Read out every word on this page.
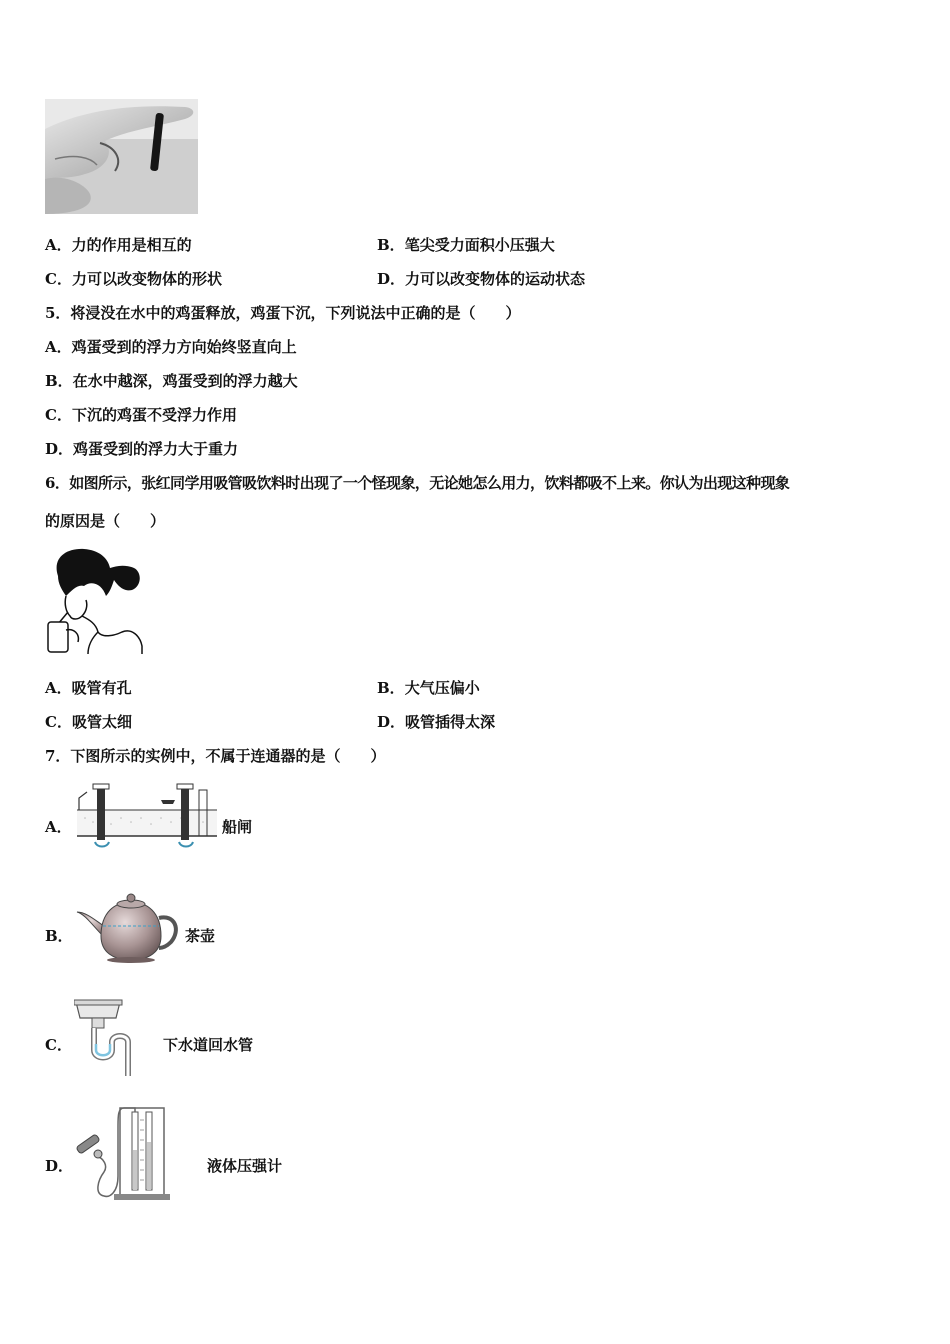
A．力的作用是相互的	B．笔尖受力面积小压强大
C．力可以改变物体的形状	D．力可以改变物体的运动状态
5．将浸没在水中的鸡蛋释放，鸡蛋下沉，下列说法中正确的是（　　）
A．鸡蛋受到的浮力方向始终竖直向上
B．在水中越深，鸡蛋受到的浮力越大
C．下沉的鸡蛋不受浮力作用
D．鸡蛋受到的浮力大于重力
6．如图所示，张红同学用吸管吸饮料时出现了一个怪现象，无论她怎么用力，饮料都吸不上来。你认为出现这种现象
的原因是（　　）
A．吸管有孔	B．大气压偏小
C．吸管太细	D．吸管插得太深
7．下图所示的实例中，不属于连通器的是（　　）
A．	船闸
B．	茶壶
C．	下水道回水管
D．	液体压强计
